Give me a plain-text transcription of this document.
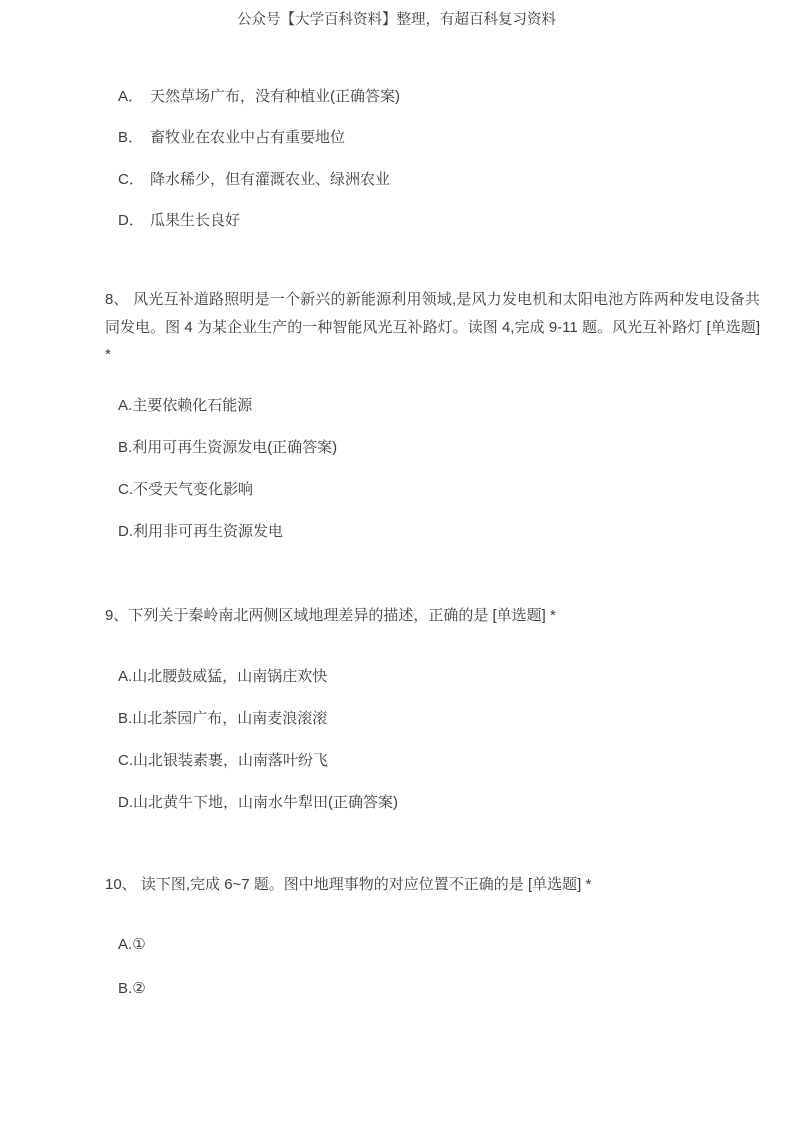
公众号【大学百科资料】整理，有超百科复习资料
A． 天然草场广布，没有种植业(正确答案)
B． 畜牧业在农业中占有重要地位
C． 降水稀少，但有灌溉农业、绿洲农业
D． 瓜果生长良好
8、 风光互补道路照明是一个新兴的新能源利用领域,是风力发电机和太阳电池方阵两种发电设备共同发电。图 4 为某企业生产的一种智能风光互补路灯。读图 4,完成 9-11 题。风光互补路灯 [单选题] *
A.主要依赖化石能源
B.利用可再生资源发电(正确答案)
C.不受天气变化影响
D.利用非可再生资源发电
9、下列关于秦岭南北两侧区域地理差异的描述，正确的是 [单选题] *
A.山北腰鼓威猛，山南锅庄欢快
B.山北茶园广布，山南麦浪滚滚
C.山北银装素裹，山南落叶纷飞
D.山北黄牛下地，山南水牛犁田(正确答案)
10、 读下图,完成 6~7 题。图中地理事物的对应位置不正确的是 [单选题] *
A.①
B.②
